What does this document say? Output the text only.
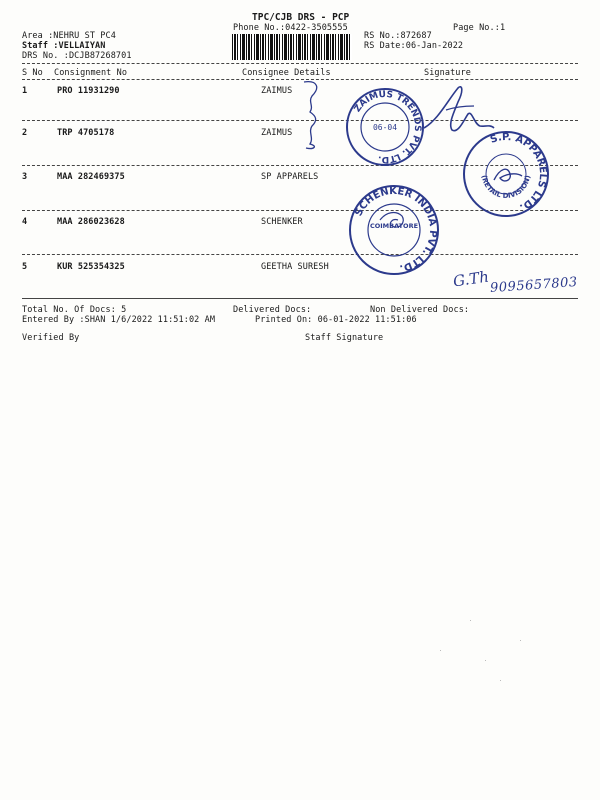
TPC/CJB DRS - PCP
Phone No.:0422-3505555	Page No.:1
Area :NEHRU ST PC4
Staff :VELLAIYAN
DRS No. :DCJB87268701
RS No.:872687
RS Date:06-Jan-2022
S No Consignment No	Consignee Details	Signature
1	PRO 11931290	ZAIMUS
2	TRP 4705178	ZAIMUS
3	MAA 282469375	SP APPARELS
4	MAA 286023628	SCHENKER
5	KUR 525354325	GEETHA SURESH
Total No. Of Docs: 5	Delivered Docs:	Non Delivered Docs:
Entered By :SHAN 1/6/2022 11:51:02 AM	Printed On: 06-01-2022 11:51:06
Verified By	Staff Signature
ZAIMUS TRENDS PVT. LTD.
06-04
S.P. APPARELS LTD.
(RETAIL DIVISION)
SCHENKER INDIA PVT. LTD.
COIMBATORE
G.Th 9095657803
